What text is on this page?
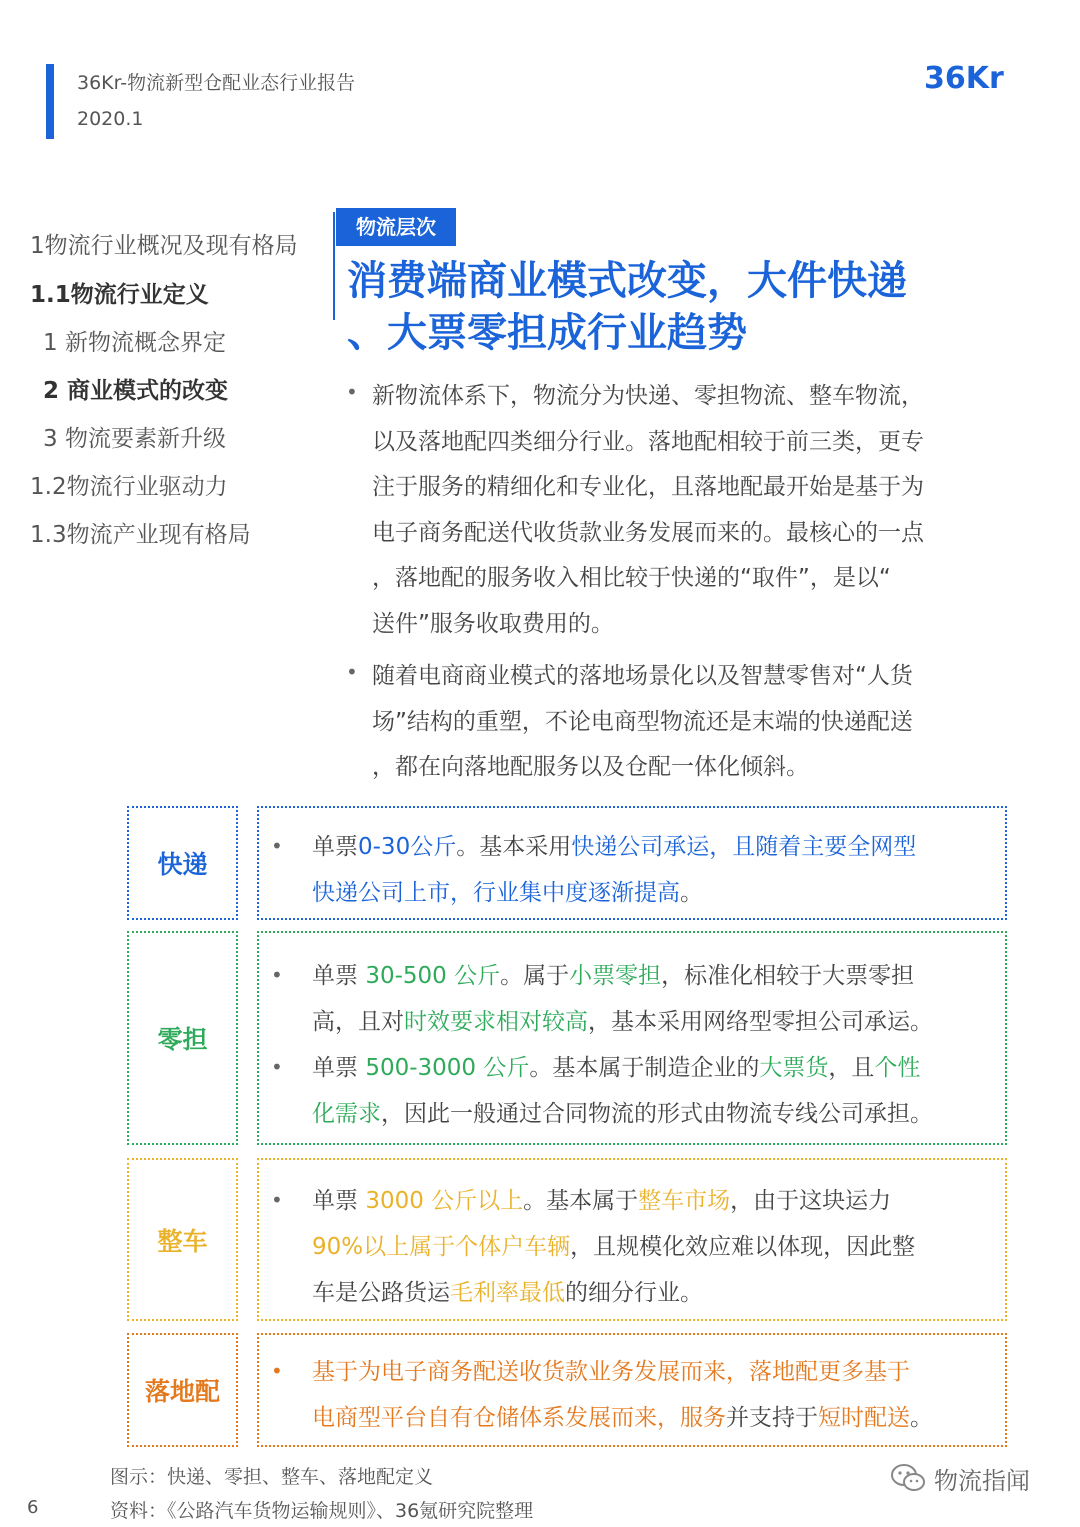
36Kr-物流新型仓配业态行业报告
2020.1
36Kr
1物流行业概况及现有格局
1.1物流行业定义
1 新物流概念界定
2 商业模式的改变
3 物流要素新升级
1.2物流行业驱动力
1.3物流产业现有格局
物流层次
消费端商业模式改变，大件快递
、大票零担成行业趋势
• 新物流体系下，物流分为快递、零担物流、整车物流，
以及落地配四类细分行业。落地配相较于前三类，更专
注于服务的精细化和专业化，且落地配最开始是基于为
电子商务配送代收货款业务发展而来的。最核心的一点
，落地配的服务收入相比较于快递的“取件”，是以“
送件”服务收取费用的。
• 随着电商商业模式的落地场景化以及智慧零售对“人货
场”结构的重塑，不论电商型物流还是末端的快递配送
，都在向落地配服务以及仓配一体化倾斜。
快递
• 单票0-30公斤。基本采用快递公司承运，且随着主要全网型
快递公司上市，行业集中度逐渐提高。
零担
•
•
单票 30-500 公斤。属于小票零担，标准化相较于大票零担
高，且对时效要求相对较高，基本采用网络型零担公司承运。
单票 500-3000 公斤。基本属于制造企业的大票货，且个性
化需求，因此一般通过合同物流的形式由物流专线公司承担。
整车
• 单票 3000 公斤以上。基本属于整车市场，由于这块运力
90%以上属于个体户车辆，且规模化效应难以体现，因此整
车是公路货运毛利率最低的细分行业。
落地配
• 基于为电子商务配送收货款业务发展而来，落地配更多基于
电商型平台自有仓储体系发展而来，服务并支持于短时配送。
图示：快递、零担、整车、落地配定义
资料：《公路汽车货物运输规则》、36氪研究院整理
6
物流指闻
